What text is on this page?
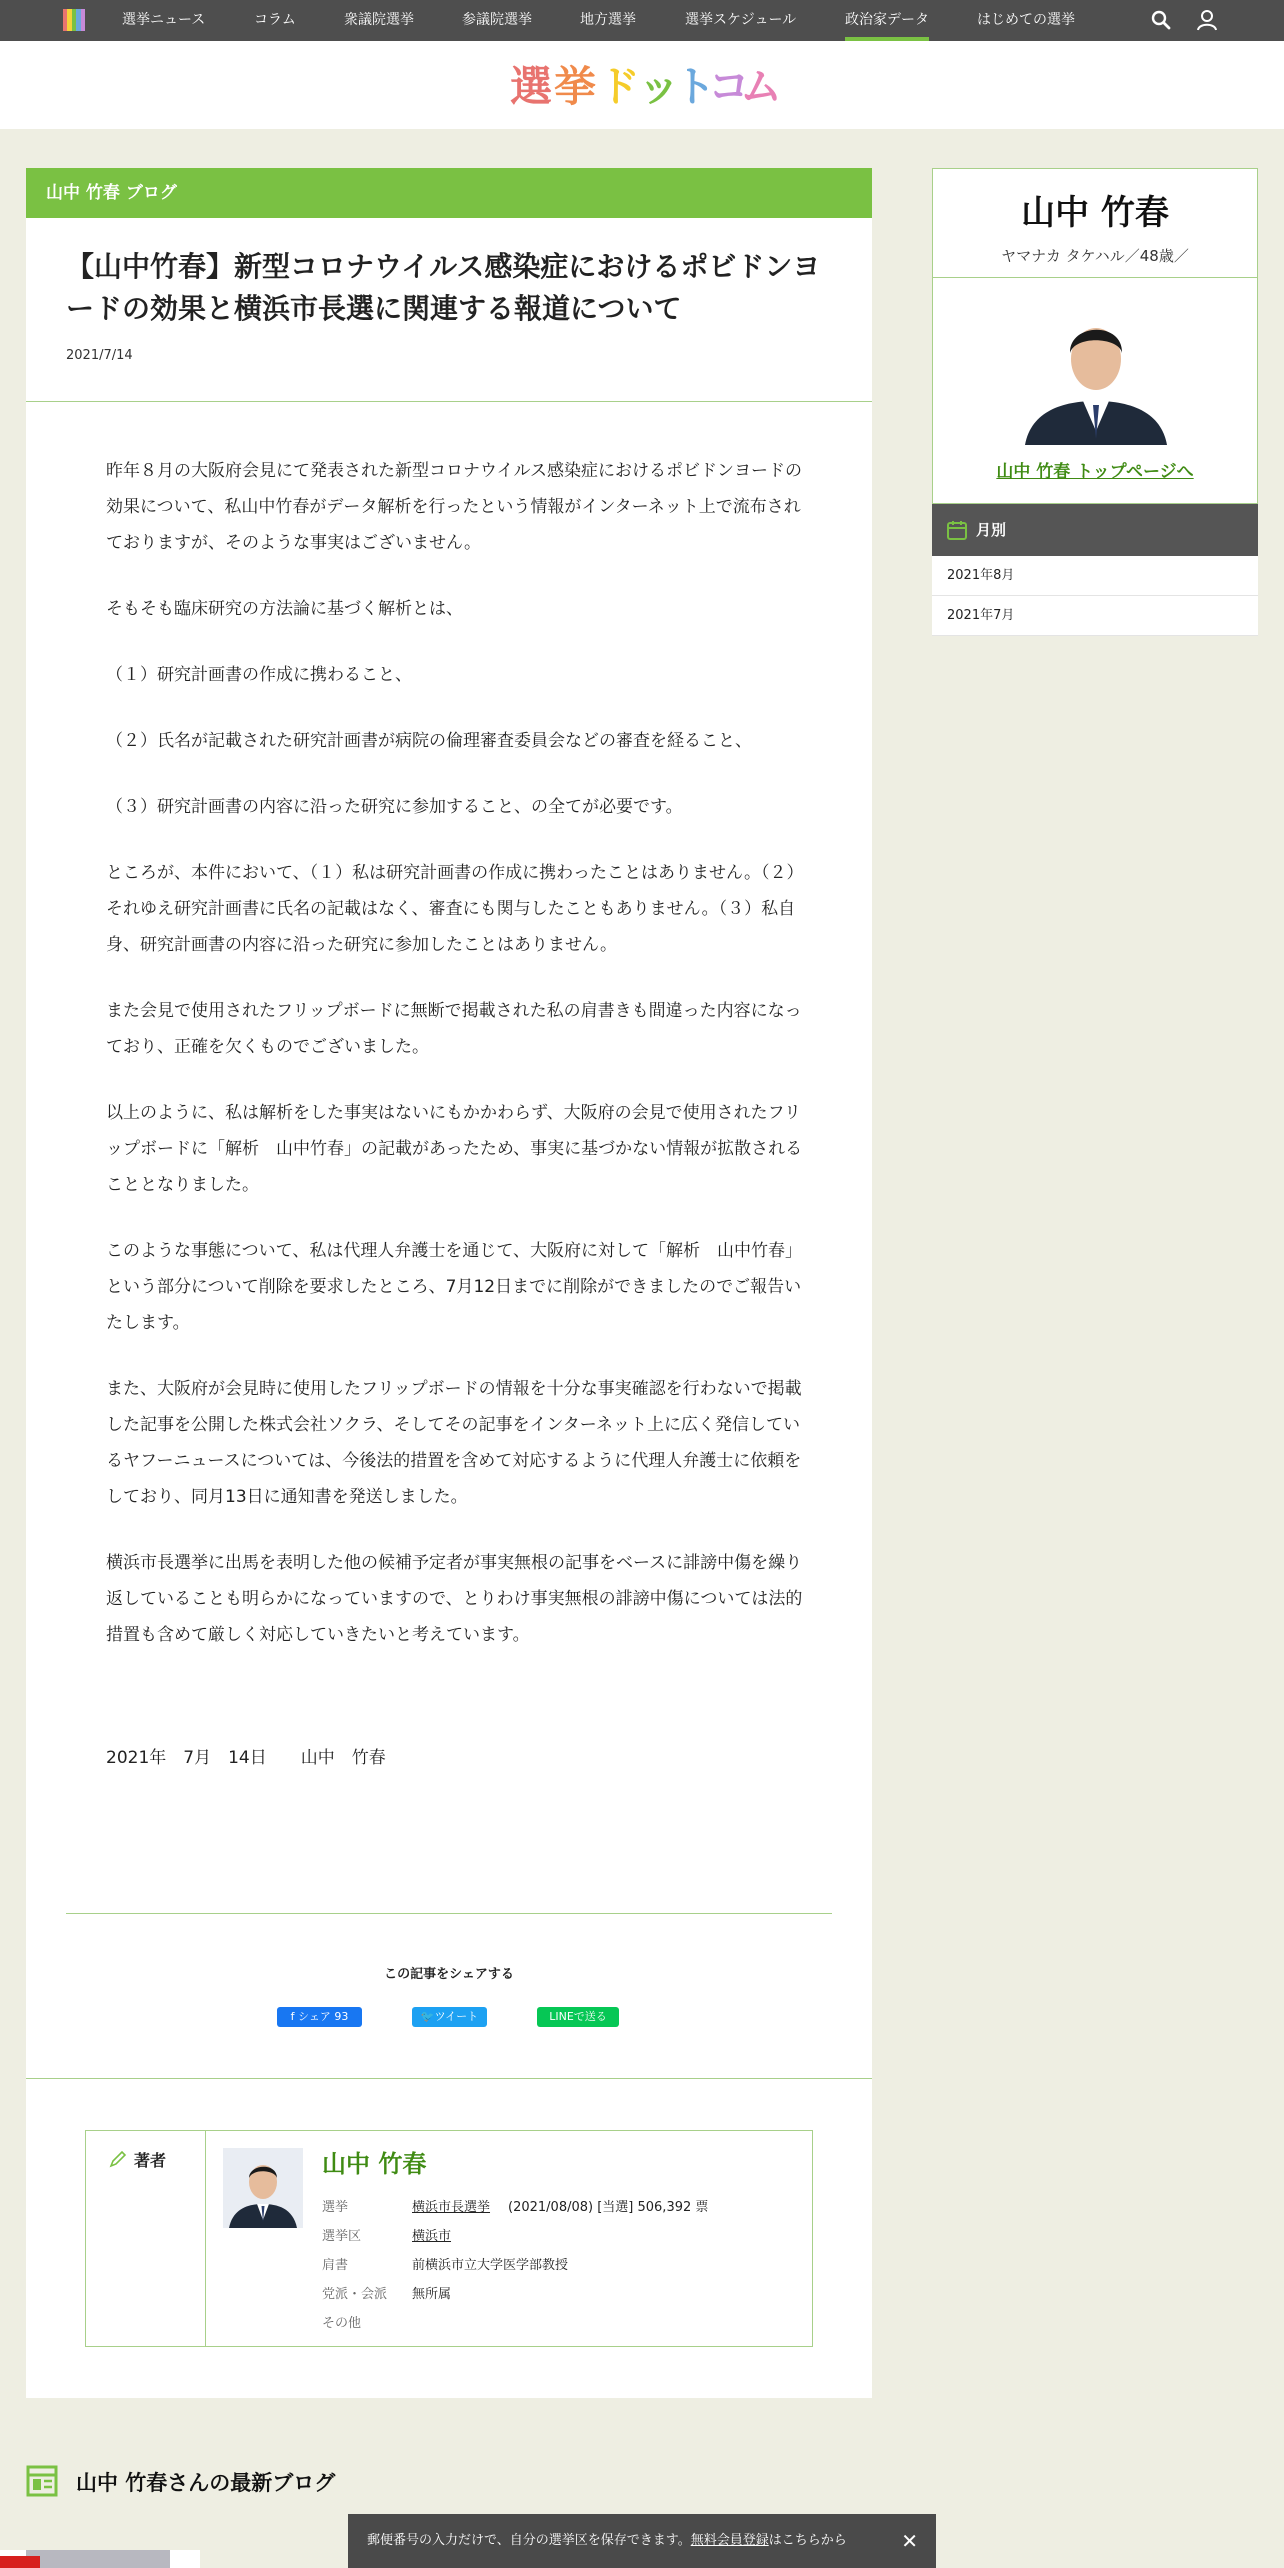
選挙ニュース	コラム	衆議院選挙	参議院選挙	地方選挙	選挙スケジュール	政治家データ	はじめての選挙
選 挙 ド
ッ
ト
コ
ム
山中 竹春 ブログ
【山中竹春】新型コロナウイルス感染症におけるポビドンヨードの効果と横浜市長選に関連する報道について
2021/7/14

昨年８月の大阪府会見にて発表された新型コロナウイルス感染症におけるポビドンヨードの効果について、私山中竹春がデータ解析を行ったという情報がインターネット上で流布されておりますが、そのような事実はございません。

そもそも臨床研究の方法論に基づく解析とは、

（１）研究計画書の作成に携わること、

（２）氏名が記載された研究計画書が病院の倫理審査委員会などの審査を経ること、

（３）研究計画書の内容に沿った研究に参加すること、の全てが必要です。

ところが、本件において、（１）私は研究計画書の作成に携わったことはありません。（２）それゆえ研究計画書に氏名の記載はなく、審査にも関与したこともありません。（３）私自身、研究計画書の内容に沿った研究に参加したことはありません。

また会見で使用されたフリップボードに無断で掲載された私の肩書きも間違った内容になっており、正確を欠くものでございました。

以上のように、私は解析をした事実はないにもかかわらず、大阪府の会見で使用されたフリップボードに「解析　山中竹春」の記載があったため、事実に基づかない情報が拡散されることとなりました。

このような事態について、私は代理人弁護士を通じて、大阪府に対して「解析　山中竹春」という部分について削除を要求したところ、7月12日までに削除ができましたのでご報告いたします。

また、大阪府が会見時に使用したフリップボードの情報を十分な事実確認を行わないで掲載した記事を公開した株式会社ソクラ、そしてその記事をインターネット上に広く発信しているヤフーニュースについては、今後法的措置を含めて対応するように代理人弁護士に依頼をしており、同月13日に通知書を発送しました。

横浜市長選挙に出馬を表明した他の候補予定者が事実無根の記事をベースに誹謗中傷を繰り返していることも明らかになっていますので、とりわけ事実無根の誹謗中傷については法的措置も含めて厳しく対応していきたいと考えています。

2021年　7月　14日　　山中　竹春
この記事をシェアする
f シェア 93	🐦ツイート	LINEで送る
著者	山中 竹春
選挙	横浜市長選挙 (2021/08/08) [当選] 506,392 票
選挙区	横浜市
肩書	前横浜市立大学医学部教授
党派・会派	無所属
その他
山中 竹春
ヤマナカ タケハル／48歳／
山中 竹春 トップページへ
月別
2021年8月
2021年7月
山中 竹春さんの最新ブログ
郵便番号の入力だけで、自分の選挙区を保存できます。無料会員登録はこちらから	✕
